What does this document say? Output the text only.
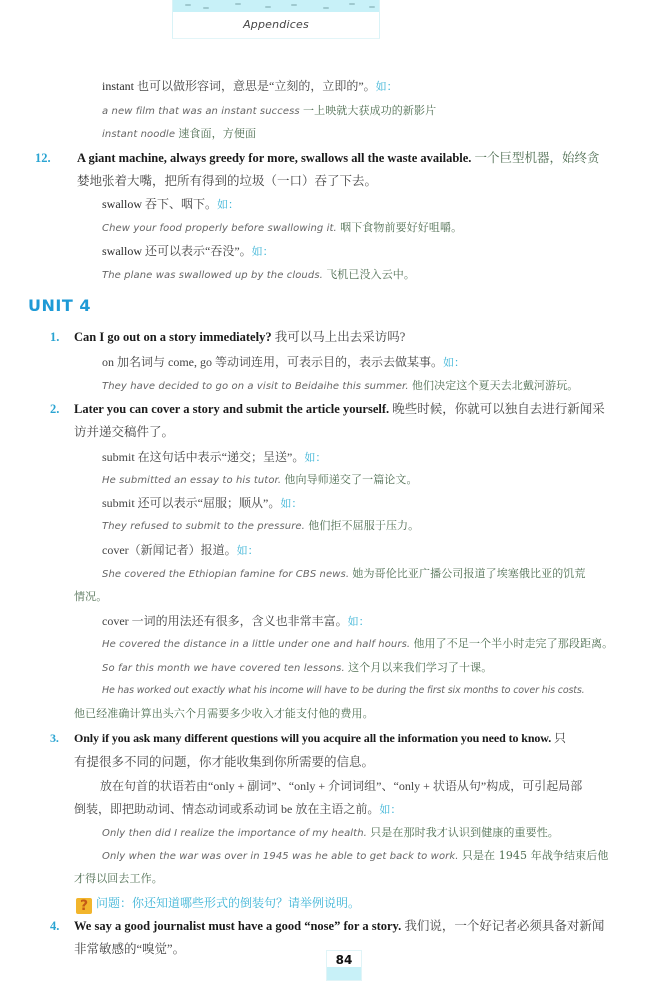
Appendices
instant 也可以做形容词，意思是“立刻的，立即的”。如：
a new film that was an instant success 一上映就大获成功的新影片
instant noodle 速食面，方便面
12. A giant machine, always greedy for more, swallows all the waste available. 一个巨型机器，始终贪
婪地张着大嘴，把所有得到的垃圾（一口）吞了下去。
swallow 吞下、咽下。如：
Chew your food properly before swallowing it. 咽下食物前要好好咀嚼。
swallow 还可以表示“吞没”。如：
The plane was swallowed up by the clouds. 飞机已没入云中。
UNIT 4
1. Can I go out on a story immediately? 我可以马上出去采访吗?
on 加名词与 come, go 等动词连用，可表示目的，表示去做某事。如：
They have decided to go on a visit to Beidaihe this summer. 他们决定这个夏天去北戴河游玩。
2. Later you can cover a story and submit the article yourself. 晚些时候，你就可以独自去进行新闻采
访并递交稿件了。
submit 在这句话中表示“递交；呈送”。如：
He submitted an essay to his tutor. 他向导师递交了一篇论文。
submit 还可以表示“屈服；顺从”。如：
They refused to submit to the pressure. 他们拒不屈服于压力。
cover（新闻记者）报道。如：
She covered the Ethiopian famine for CBS news. 她为哥伦比亚广播公司报道了埃塞俄比亚的饥荒
情况。
cover 一词的用法还有很多，含义也非常丰富。如：
He covered the distance in a little under one and half hours. 他用了不足一个半小时走完了那段距离。
So far this month we have covered ten lessons. 这个月以来我们学习了十课。
He has worked out exactly what his income will have to be during the first six months to cover his costs.
他已经准确计算出头六个月需要多少收入才能支付他的费用。
3. Only if you ask many different questions will you acquire all the information you need to know. 只
有提很多不同的问题，你才能收集到你所需要的信息。
放在句首的状语若由“only + 副词”、“only + 介词词组”、“only + 状语从句”构成，可引起局部
倒装，即把助动词、情态动词或系动词 be 放在主语之前。如：
Only then did I realize the importance of my health. 只是在那时我才认识到健康的重要性。
Only when the war was over in 1945 was he able to get back to work. 只是在 1945 年战争结束后他
才得以回去工作。
? 问题：你还知道哪些形式的倒装句？请举例说明。
4. We say a good journalist must have a good “nose” for a story. 我们说，一个好记者必须具备对新闻
非常敏感的“嗅觉”。
84
